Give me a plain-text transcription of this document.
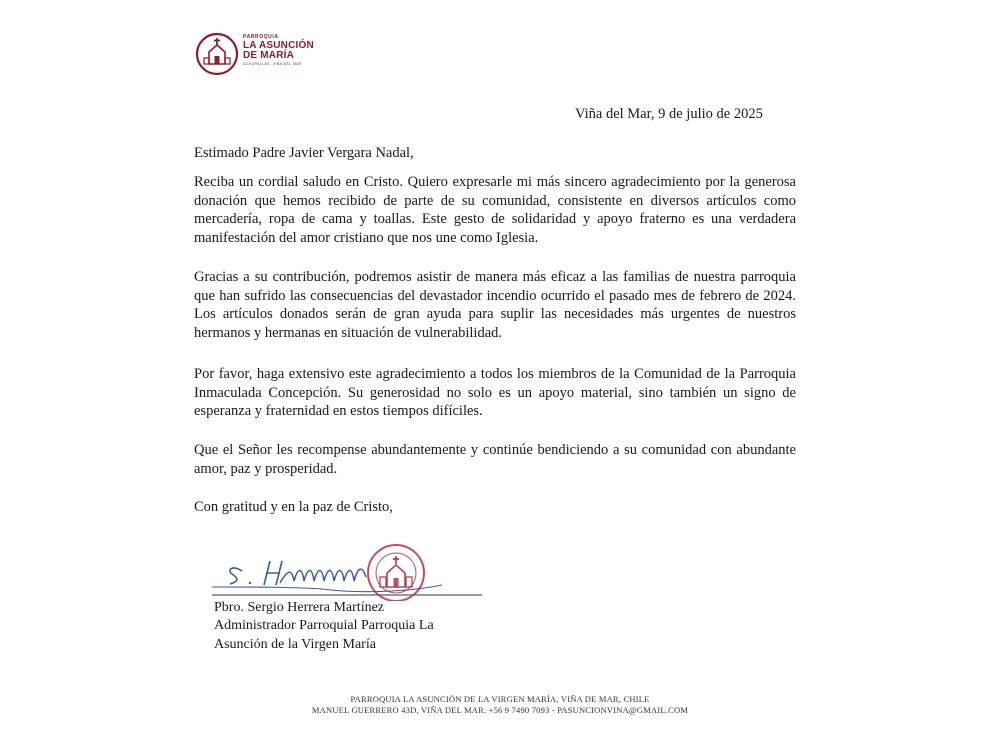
PARROQUIA
LA ASUNCIÓN
DE MARÍA
ACHUPALLAS, VIÑA DEL MAR
Viña del Mar, 9 de julio de 2025
Estimado Padre Javier Vergara Nadal,

Reciba un cordial saludo en Cristo. Quiero expresarle mi más sincero agradecimiento por la generosa donación que hemos recibido de parte de su comunidad, consistente en diversos artículos como mercadería, ropa de cama y toallas. Este gesto de solidaridad y apoyo fraterno es una verdadera manifestación del amor cristiano que nos une como Iglesia.

Gracias a su contribución, podremos asistir de manera más eficaz a las familias de nuestra parroquia que han sufrido las consecuencias del devastador incendio ocurrido el pasado mes de febrero de 2024. Los artículos donados serán de gran ayuda para suplir las necesidades más urgentes de nuestros hermanos y hermanas en situación de vulnerabilidad.

Por favor, haga extensivo este agradecimiento a todos los miembros de la Comunidad de la Parroquia Inmaculada Concepción. Su generosidad no solo es un apoyo material, sino también un signo de esperanza y fraternidad en estos tiempos difíciles.

Que el Señor les recompense abundantemente y continúe bendiciendo a su comunidad con abundante amor, paz y prosperidad.

Con gratitud y en la paz de Cristo,
Pbro. Sergio Herrera Martínez
Administrador Parroquial Parroquia La
Asunción de la Virgen María
PARROQUIA LA ASUNCIÓN DE LA VIRGEN MARÍA, VIÑA DE MAR, CHILE
MANUEL GUERRERO 43D, VIÑA DEL MAR. +56 9 7490 7093 - PASUNCIONVINA@GMAIL.COM
